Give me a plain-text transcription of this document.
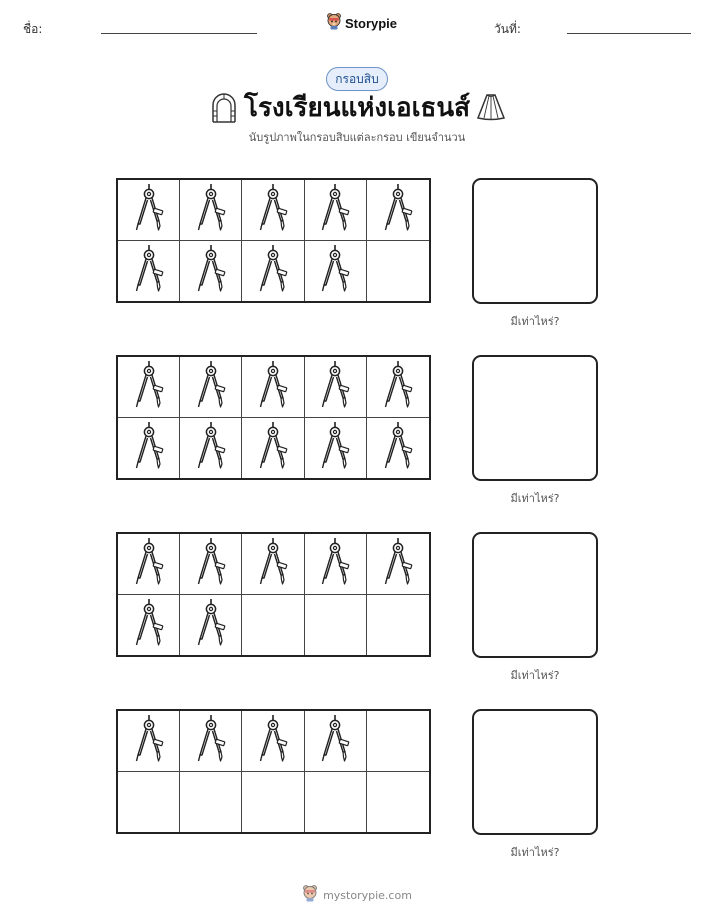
ชื่อ:	Storypie	วันที่:
กรอบสิบ
โรงเรียนแห่งเอเธนส์
นับรูปภาพในกรอบสิบแต่ละกรอบ เขียนจำนวน
มีเท่าไหร่?
มีเท่าไหร่?
มีเท่าไหร่?
มีเท่าไหร่?
mystorypie.com
